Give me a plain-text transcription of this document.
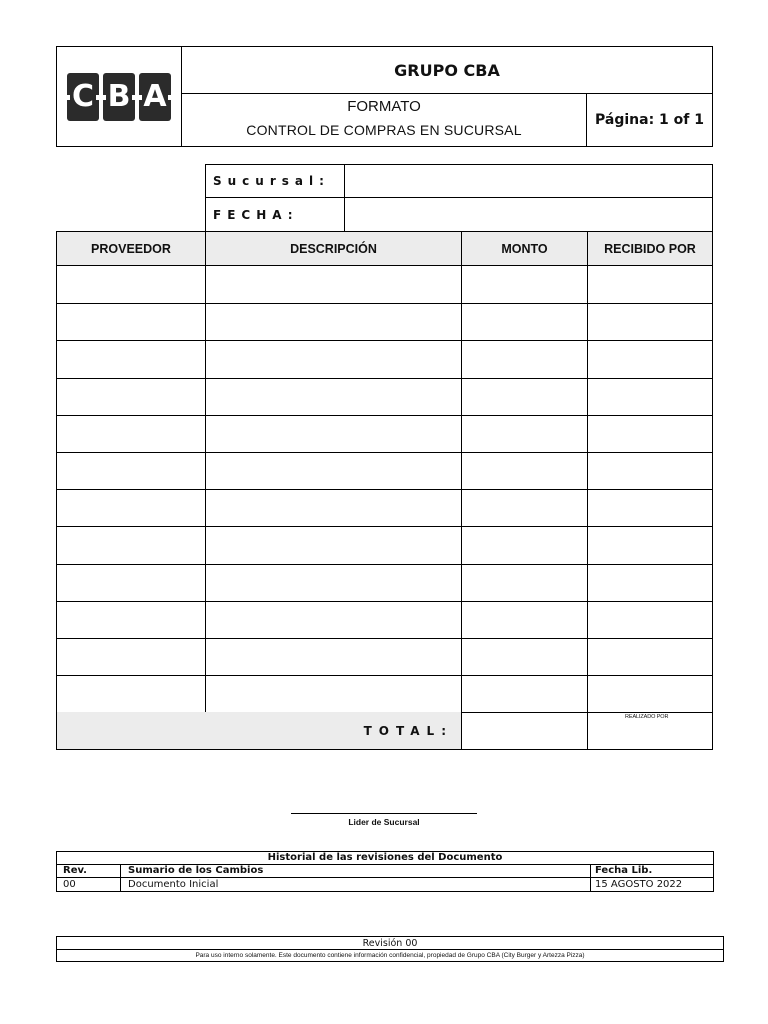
C B A
GRUPO CBA
FORMATO
CONTROL DE COMPRAS EN SUCURSAL
Página: 1 of 1
Sucursal:
FECHA:
PROVEEDOR	DESCRIPCIÓN	MONTO	RECIBIDO POR
TOTAL:
REALIZADO POR
Lider de Sucursal
Historial de las revisiones del Documento
Rev.	Sumario de los Cambios	Fecha Lib.
00	Documento Inicial	15 AGOSTO 2022
Revisión 00
Para uso interno solamente. Este documento contiene información confidencial, propiedad de Grupo CBA (City Burger y Artezza Pizza)
